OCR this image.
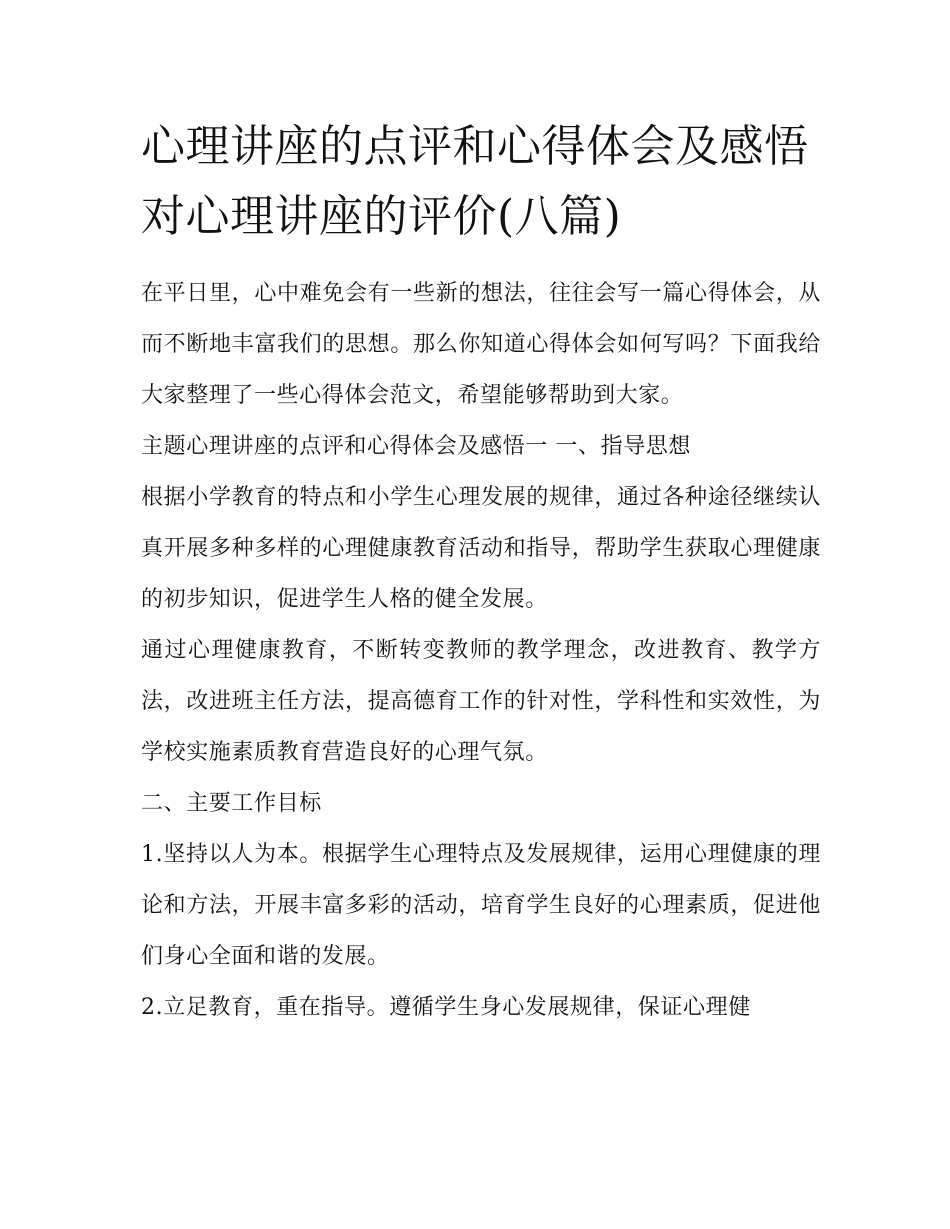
心理讲座的点评和心得体会及感悟 对心理讲座的评价(八篇)

在平日里，心中难免会有一些新的想法，往往会写一篇心得体会，从而不断地丰富我们的思想。那么你知道心得体会如何写吗？下面我给大家整理了一些心得体会范文，希望能够帮助到大家。

主题心理讲座的点评和心得体会及感悟一 一、指导思想

根据小学教育的特点和小学生心理发展的规律，通过各种途径继续认真开展多种多样的心理健康教育活动和指导，帮助学生获取心理健康的初步知识，促进学生人格的健全发展。

通过心理健康教育，不断转变教师的教学理念，改进教育、教学方法，改进班主任方法，提高德育工作的针对性，学科性和实效性，为学校实施素质教育营造良好的心理气氛。

二、主要工作目标

1.坚持以人为本。根据学生心理特点及发展规律，运用心理健康的理论和方法，开展丰富多彩的活动，培育学生良好的心理素质，促进他们身心全面和谐的发展。

2.立足教育，重在指导。遵循学生身心发展规律，保证心理健
